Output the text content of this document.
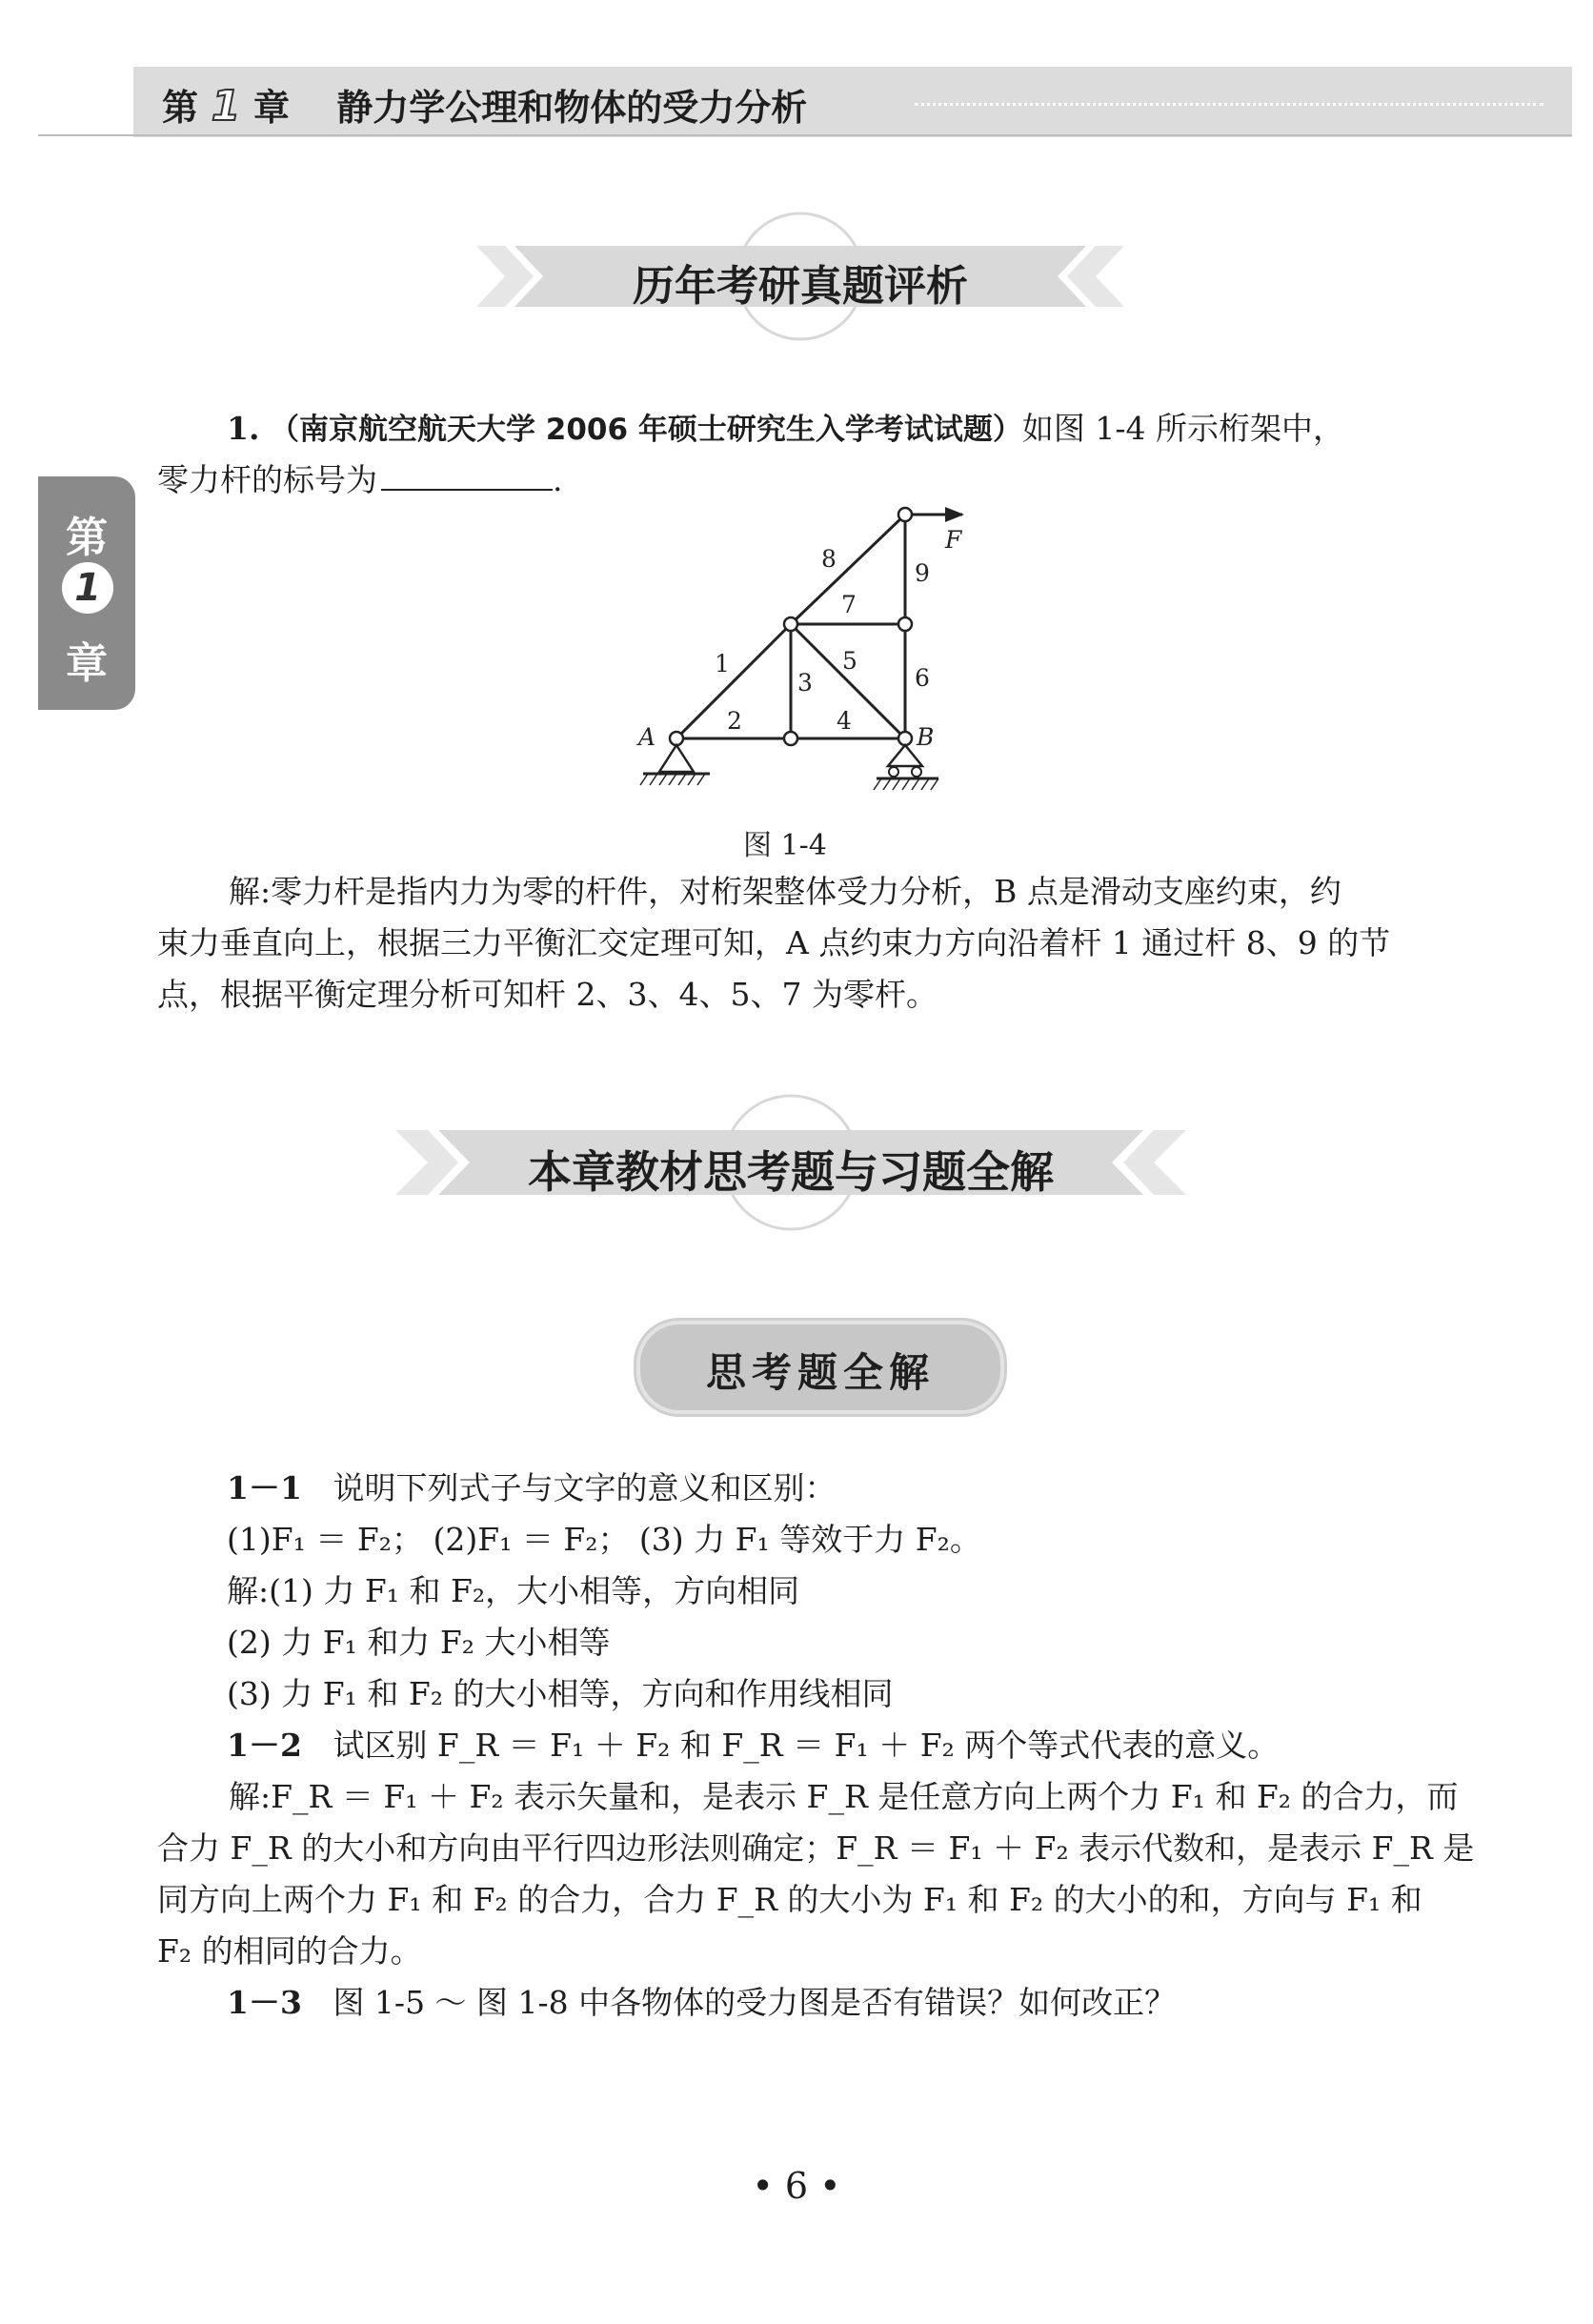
第 1 章 静力学公理和物体的受力分析
第
1
章
历年考研真题评析
1. （南京航空航天大学 2006 年硕士研究生入学考试试题）如图 1-4 所示桁架中，
零力杆的标号为	.
A	B
F
1
2
3
4
5
6
7
8
9
图 1-4
解:零力杆是指内力为零的杆件，对桁架整体受力分析，B 点是滑动支座约束，约
束力垂直向上，根据三力平衡汇交定理可知，A 点约束力方向沿着杆 1 通过杆 8、9 的节
点，根据平衡定理分析可知杆 2、3、4、5、7 为零杆。
本章教材思考题与习题全解
思考题全解
1－1 说明下列式子与文字的意义和区别：
(1)F₁ ＝ F₂； (2)F₁ ＝ F₂； (3) 力 F₁ 等效于力 F₂。
解:(1) 力 F₁ 和 F₂，大小相等，方向相同
(2) 力 F₁ 和力 F₂ 大小相等
(3) 力 F₁ 和 F₂ 的大小相等，方向和作用线相同
1－2 试区别 F_R ＝ F₁ ＋ F₂ 和 F_R ＝ F₁ ＋ F₂ 两个等式代表的意义。
解:F_R ＝ F₁ ＋ F₂ 表示矢量和，是表示 F_R 是任意方向上两个力 F₁ 和 F₂ 的合力，而
合力 F_R 的大小和方向由平行四边形法则确定；F_R ＝ F₁ ＋ F₂ 表示代数和，是表示 F_R 是
同方向上两个力 F₁ 和 F₂ 的合力，合力 F_R 的大小为 F₁ 和 F₂ 的大小的和，方向与 F₁ 和
F₂ 的相同的合力。
1－3 图 1-5 ～ 图 1-8 中各物体的受力图是否有错误？如何改正？
• 6 •
